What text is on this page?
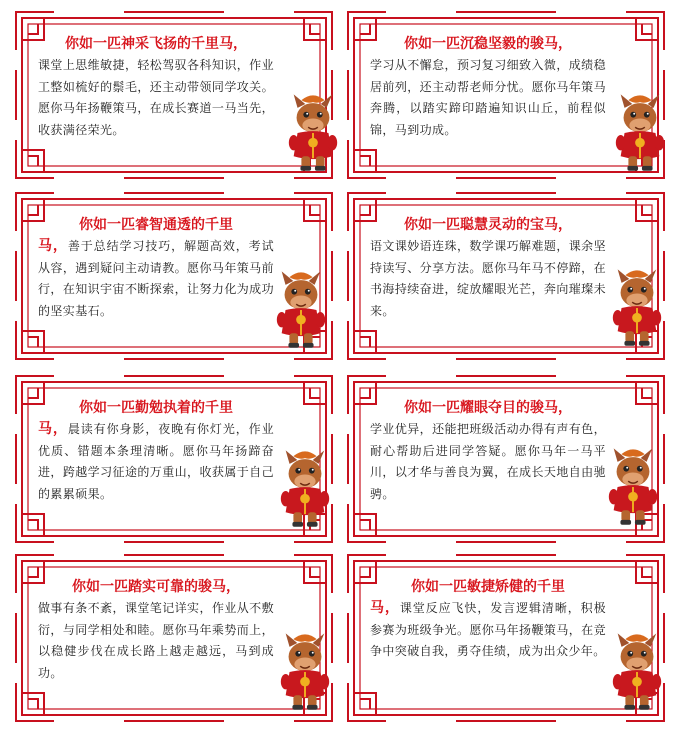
你如一匹神采飞扬的千里马，
课堂上思维敏捷，轻松驾驭各科知识，作业工整如梳好的鬃毛，还主动带领同学攻关。愿你马年扬鞭策马，在成长赛道一马当先，收获满径荣光。
你如一匹沉稳坚毅的骏马，
学习从不懈怠，预习复习细致入微，成绩稳居前列，还主动帮老师分忧。愿你马年策马奔腾，以踏实蹄印踏遍知识山丘，前程似锦，马到功成。
你如一匹睿智通透的千里
马，善于总结学习技巧，解题高效，考试从容，遇到疑问主动请教。愿你马年策马前行，在知识宇宙不断探索，让努力化为成功的坚实基石。
你如一匹聪慧灵动的宝马，
语文课妙语连珠，数学课巧解难题，课余坚持读写、分享方法。愿你马年马不停蹄，在书海持续奋进，绽放耀眼光芒，奔向璀璨未来。
你如一匹勤勉执着的千里
马，晨读有你身影，夜晚有你灯光，作业优质、错题本条理清晰。愿你马年扬蹄奋进，跨越学习征途的万重山，收获属于自己的累累硕果。
你如一匹耀眼夺目的骏马，
学业优异，还能把班级活动办得有声有色，耐心帮助后进同学答疑。愿你马年一马平川，以才华与善良为翼，在成长天地自由驰骋。
你如一匹踏实可靠的骏马，
做事有条不紊，课堂笔记详实，作业从不敷衍，与同学相处和睦。愿你马年乘势而上，以稳健步伐在成长路上越走越远，马到成功。
你如一匹敏捷矫健的千里
马，课堂反应飞快，发言逻辑清晰，积极参赛为班级争光。愿你马年扬鞭策马，在竞争中突破自我，勇夺佳绩，成为出众少年。
